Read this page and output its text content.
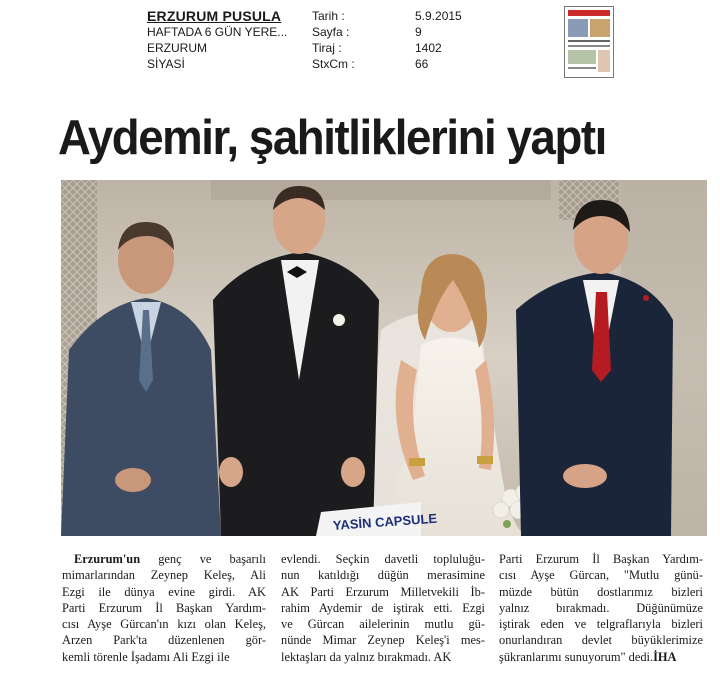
ERZURUM PUSULA	Tarih :	5.9.2015
HAFTADA 6 GÜN YERE... Sayfa :	9
ERZURUM	Tiraj :	1402
SİYASİ	StxCm :	66
Aydemir, şahitliklerini yaptı
YASİN CAPSULE
Erzurum'un genç ve başarılı
mimarlarından Zeynep Keleş, Ali
Ezgi ile dünya evine girdi. AK
Parti Erzurum İl Başkan Yardım-
cısı Ayşe Gürcan'ın kızı olan Keleş,
Arzen Park'ta düzenlenen gör-
kemli törenle İşadamı Ali Ezgi ile
evlendi. Seçkin davetli topluluğu-
nun katıldığı düğün merasimine
AK Parti Erzurum Milletvekili İb-
rahim Aydemir de iştirak etti. Ezgi
ve Gürcan ailelerinin mutlu gü-
nünde Mimar Zeynep Keleş'i mes-
lektaşları da yalnız bırakmadı. AK
Parti Erzurum İl Başkan Yardım-
cısı Ayşe Gürcan, "Mutlu günü-
müzde bütün dostlarımız bizleri
yalnız bırakmadı. Düğünümüze
iştirak eden ve telgraflarıyla bizleri
onurlandıran devlet büyüklerimize
şükranlarımı sunuyorum" dedi.İHA
